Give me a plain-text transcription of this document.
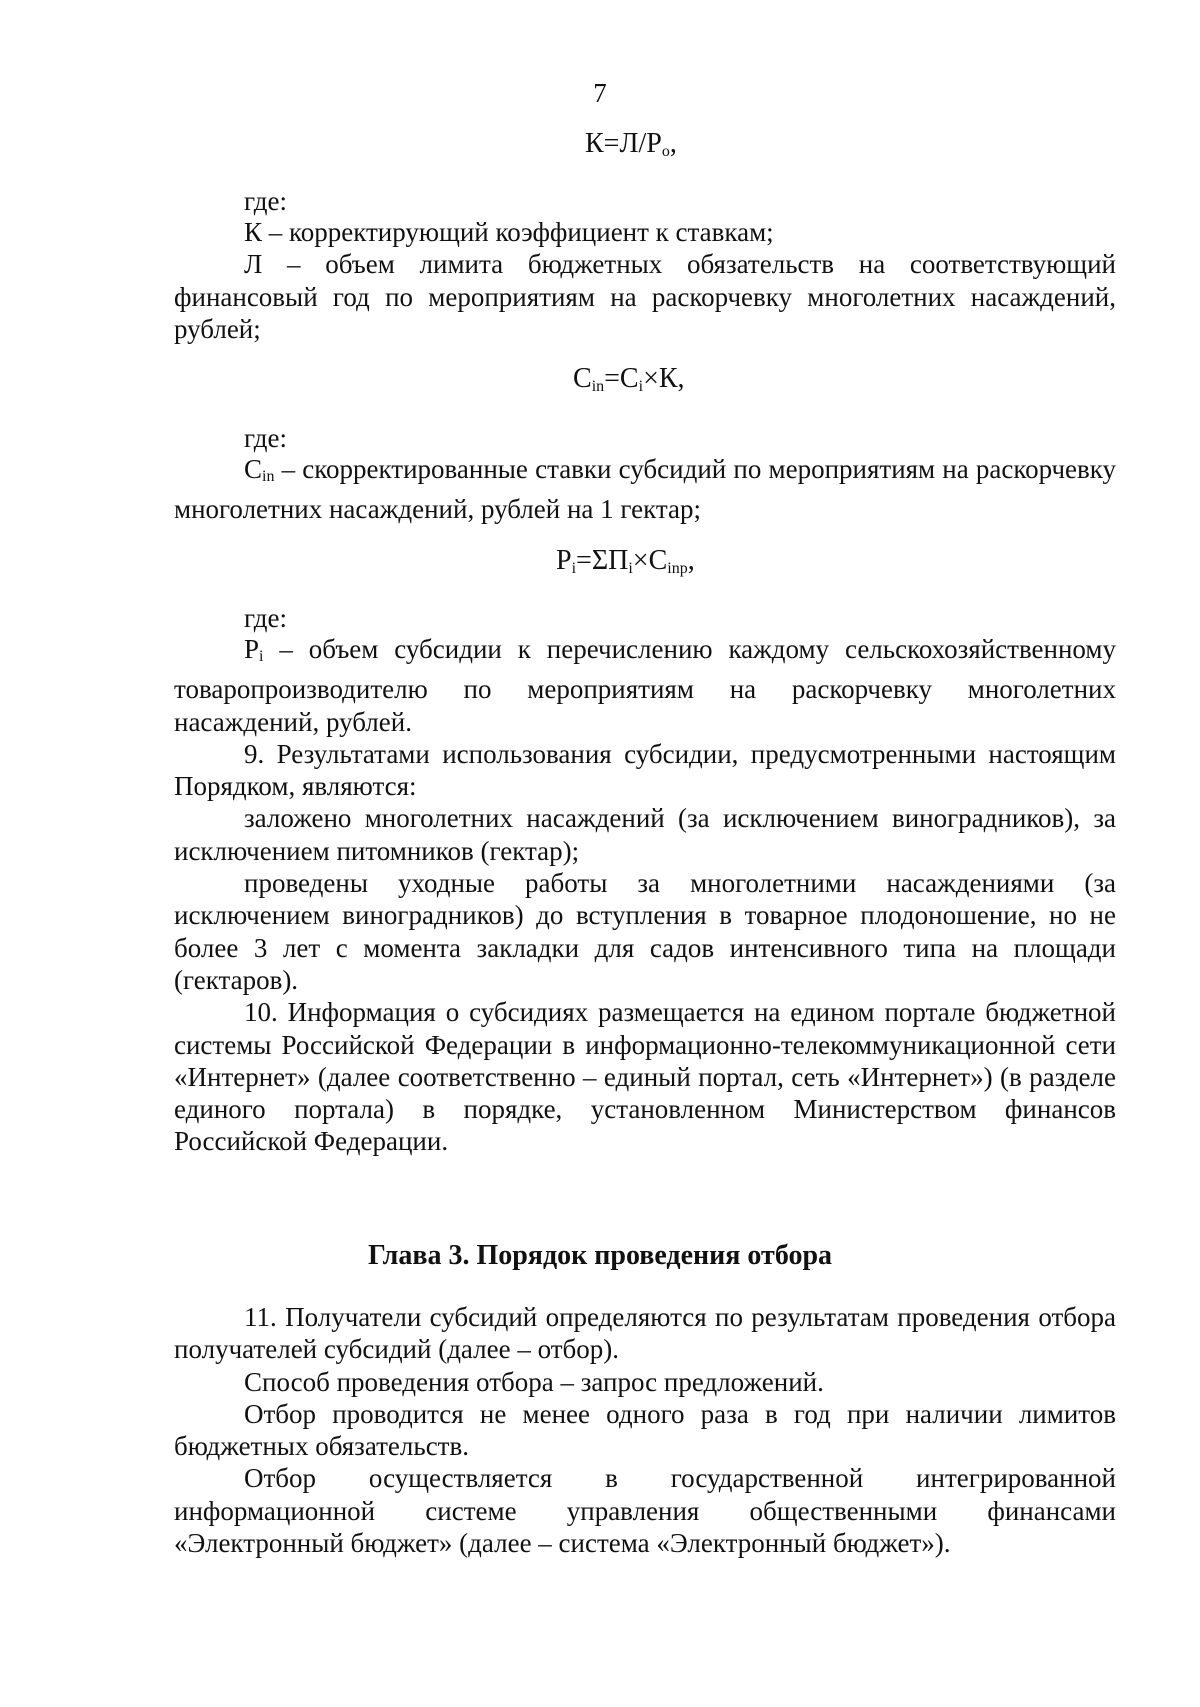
7
$К=Л/Р_о$,
где:

К – корректирующий коэффициент к ставкам;

Л – объем лимита бюджетных обязательств на соответствующий финансовый год по мероприятиям на раскорчевку многолетних насаждений, рублей;

$С_{in}=С_i\times К$,
где:

$С_{in}$ – скорректированные ставки субсидий по мероприятиям на раскорчевку многолетних насаждений, рублей на 1 гектар;

$Р_i=\Sigma П_i\times С_{inp}$,
где:

$Р_i$ – объем субсидии к перечислению каждому сельскохозяйственному товаропроизводителю по мероприятиям на раскорчевку многолетних насаждений, рублей.

9. Результатами использования субсидии, предусмотренными настоящим Порядком, являются:

заложено многолетних насаждений (за исключением виноградников), за исключением питомников (гектар);

проведены уходные работы за многолетними насаждениями (за исключением виноградников) до вступления в товарное плодоношение, но не более 3 лет с момента закладки для садов интенсивного типа на площади (гектаров).

10. Информация о субсидиях размещается на едином портале бюджетной системы Российской Федерации в информационно-телекоммуникационной сети «Интернет» (далее соответственно – единый портал, сеть «Интернет») (в разделе единого портала) в порядке, установленном Министерством финансов Российской Федерации.

Глава 3. Порядок проведения отбора

11. Получатели субсидий определяются по результатам проведения отбора получателей субсидий (далее – отбор).

Способ проведения отбора – запрос предложений.

Отбор проводится не менее одного раза в год при наличии лимитов бюджетных обязательств.

Отбор осуществляется в государственной интегрированной информационной системе управления общественными финансами «Электронный бюджет» (далее – система «Электронный бюджет»).
